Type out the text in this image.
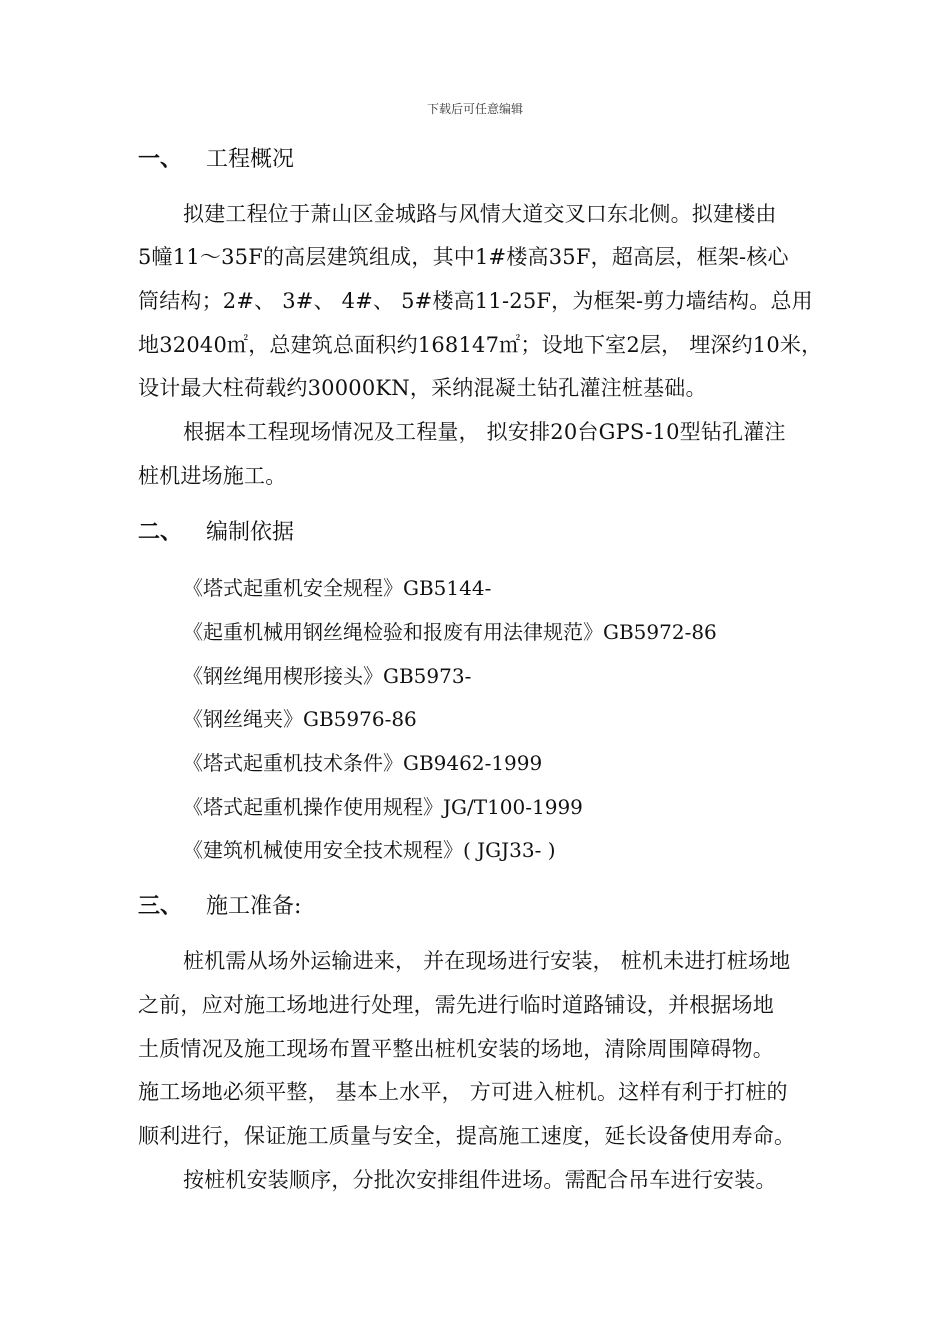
下载后可任意编辑
一、 工程概况
拟建工程位于萧山区金城路与风情大道交叉口东北侧。拟建楼由
5幢11～35F的高层建筑组成，其中1#楼高35F，超高层，框架-核心
筒结构；2#、 3#、 4#、 5#楼高11-25F，为框架-剪力墙结构。总用
地32040㎡，总建筑总面积约168147㎡；设地下室2层， 埋深约10米，
设计最大柱荷载约30000KN，采纳混凝土钻孔灌注桩基础。
根据本工程现场情况及工程量， 拟安排20台GPS-10型钻孔灌注
桩机进场施工。
二、 编制依据
《塔式起重机安全规程》GB5144-
《起重机械用钢丝绳检验和报废有用法律规范》GB5972-86
《钢丝绳用楔形接头》GB5973-
《钢丝绳夹》GB5976-86
《塔式起重机技术条件》GB9462-1999
《塔式起重机操作使用规程》JG/T100-1999
《建筑机械使用安全技术规程》( JGJ33- )
三、 施工准备:
桩机需从场外运输进来， 并在现场进行安装， 桩机未进打桩场地
之前，应对施工场地进行处理，需先进行临时道路铺设，并根据场地
土质情况及施工现场布置平整出桩机安装的场地，清除周围障碍物。
施工场地必须平整， 基本上水平， 方可进入桩机。这样有利于打桩的
顺利进行，保证施工质量与安全，提高施工速度，延长设备使用寿命。
按桩机安装顺序，分批次安排组件进场。需配合吊车进行安装。
